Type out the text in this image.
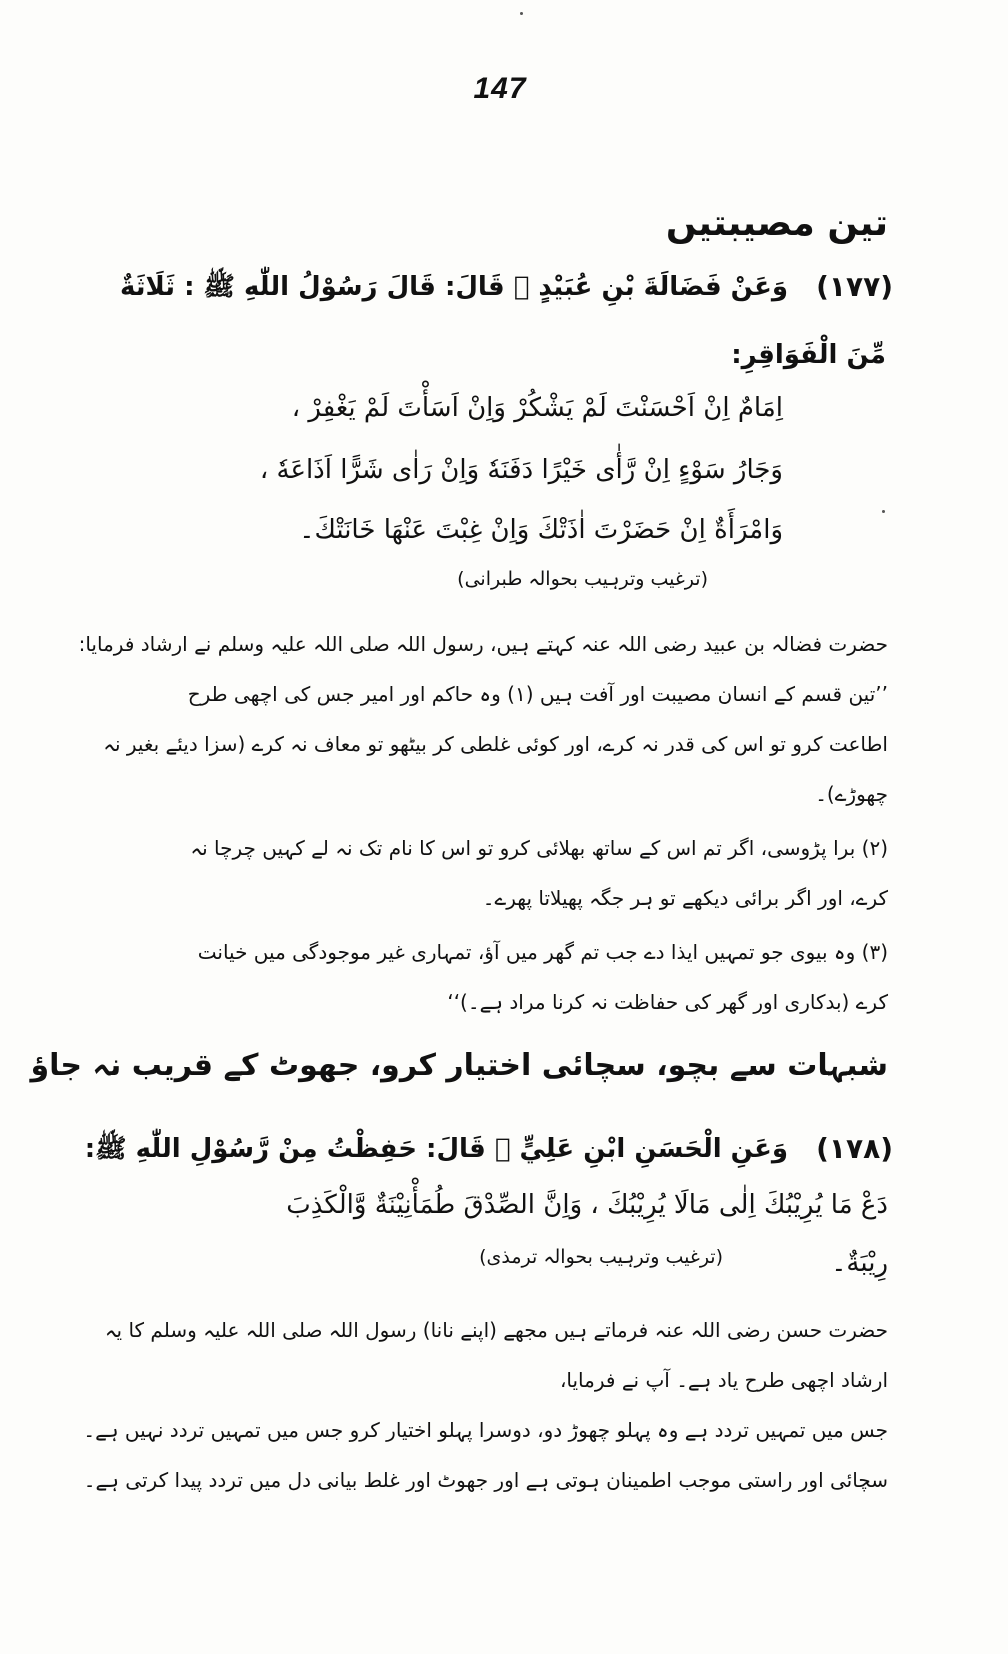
147
تین مصیبتیں
(۱۷۷)
وَعَنْ فَضَالَةَ بْنِ عُبَيْدٍ ﷛ قَالَ: قَالَ رَسُوْلُ اللّٰهِ ﷺ : ثَلَاثَةٌ
مِّنَ الْفَوَاقِرِ:
اِمَامٌ اِنْ اَحْسَنْتَ لَمْ يَشْكُرْ وَاِنْ اَسَأْتَ لَمْ يَغْفِرْ ،
وَجَارُ سَوْءٍ اِنْ رَّأٰى خَيْرًا دَفَنَهٗ وَاِنْ رَاٰى شَرًّا اَذَاعَهٗ ،
وَامْرَأَةٌ اِنْ حَضَرْتَ اٰذَتْكَ وَاِنْ غِبْتَ عَنْهَا خَانَتْكَ۔
(ترغیب وترہیب بحوالہ طبرانی)
حضرت فضالہ بن عبید رضی اللہ عنہ کہتے ہیں، رسول اللہ صلی اللہ علیہ وسلم نے ارشاد فرمایا:
’’تین قسم کے انسان مصیبت اور آفت ہیں (۱) وہ حاکم اور امیر جس کی اچھی طرح
اطاعت کرو تو اس کی قدر نہ کرے، اور کوئی غلطی کر بیٹھو تو معاف نہ کرے (سزا دیئے بغیر نہ
چھوڑے)۔
(۲) برا پڑوسی، اگر تم اس کے ساتھ بھلائی کرو تو اس کا نام تک نہ لے کہیں چرچا نہ
کرے، اور اگر برائی دیکھے تو ہر جگہ پھیلاتا پھرے۔
(۳) وہ بیوی جو تمہیں ایذا دے جب تم گھر میں آؤ، تمہاری غیر موجودگی میں خیانت
کرے (بدکاری اور گھر کی حفاظت نہ کرنا مراد ہے۔)‘‘
شبہات سے بچو، سچائی اختیار کرو، جھوٹ کے قریب نہ جاؤ
(۱۷۸)
وَعَنِ الْحَسَنِ ابْنِ عَلِيٍّ ﷛ قَالَ: حَفِظْتُ مِنْ رَّسُوْلِ اللّٰهِ ﷺ:
دَعْ مَا يُرِيْبُكَ اِلٰى مَالَا يُرِيْبُكَ ، وَاِنَّ الصِّدْقَ طُمَأْنِيْنَةٌ وَّالْكَذِبَ
رِيْبَةٌ۔
(ترغیب وترہیب بحوالہ ترمذی)
حضرت حسن رضی اللہ عنہ فرماتے ہیں مجھے (اپنے نانا) رسول اللہ صلی اللہ علیہ وسلم کا یہ
ارشاد اچھی طرح یاد ہے۔ آپ نے فرمایا،
جس میں تمہیں تردد ہے وہ پہلو چھوڑ دو، دوسرا پہلو اختیار کرو جس میں تمہیں تردد نہیں ہے۔
سچائی اور راستی موجب اطمینان ہوتی ہے اور جھوٹ اور غلط بیانی دل میں تردد پیدا کرتی ہے۔
